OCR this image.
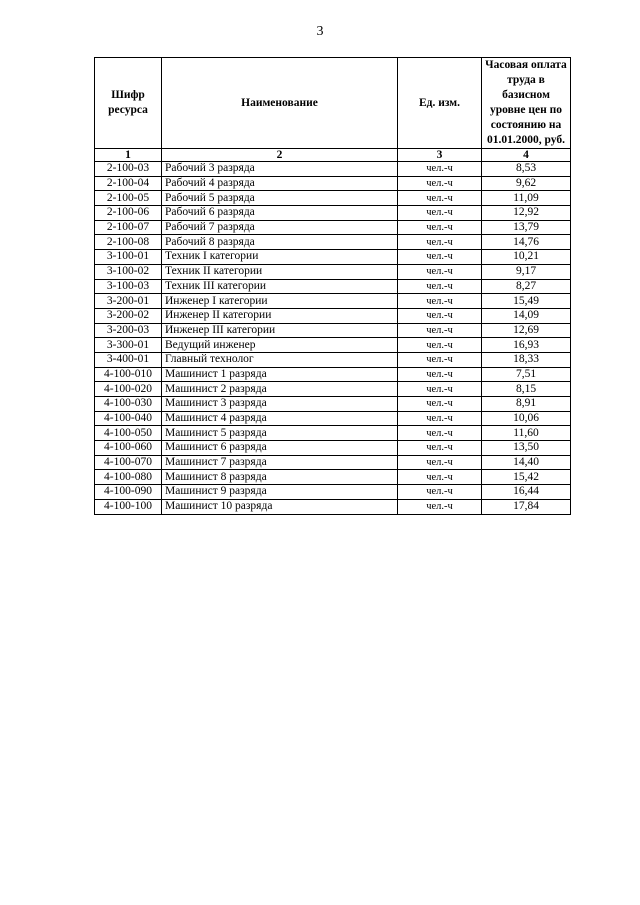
3
Шифр ресурса	Наименование	Ед. изм.	Часовая оплата труда в базисном уровне цен по состоянию на 01.01.2000, руб.
1	2	3	4
2-100-03	Рабочий 3 разряда	чел.-ч	8,53
2-100-04	Рабочий 4 разряда	чел.-ч	9,62
2-100-05	Рабочий 5 разряда	чел.-ч	11,09
2-100-06	Рабочий 6 разряда	чел.-ч	12,92
2-100-07	Рабочий 7 разряда	чел.-ч	13,79
2-100-08	Рабочий 8 разряда	чел.-ч	14,76
3-100-01	Техник I категории	чел.-ч	10,21
3-100-02	Техник II категории	чел.-ч	9,17
3-100-03	Техник III категории	чел.-ч	8,27
3-200-01	Инженер I категории	чел.-ч	15,49
3-200-02	Инженер II категории	чел.-ч	14,09
3-200-03	Инженер III категории	чел.-ч	12,69
3-300-01	Ведущий инженер	чел.-ч	16,93
3-400-01	Главный технолог	чел.-ч	18,33
4-100-010	Машинист 1 разряда	чел.-ч	7,51
4-100-020	Машинист 2 разряда	чел.-ч	8,15
4-100-030	Машинист 3 разряда	чел.-ч	8,91
4-100-040	Машинист 4 разряда	чел.-ч	10,06
4-100-050	Машинист 5 разряда	чел.-ч	11,60
4-100-060	Машинист 6 разряда	чел.-ч	13,50
4-100-070	Машинист 7 разряда	чел.-ч	14,40
4-100-080	Машинист 8 разряда	чел.-ч	15,42
4-100-090	Машинист 9 разряда	чел.-ч	16,44
4-100-100	Машинист 10 разряда	чел.-ч	17,84
